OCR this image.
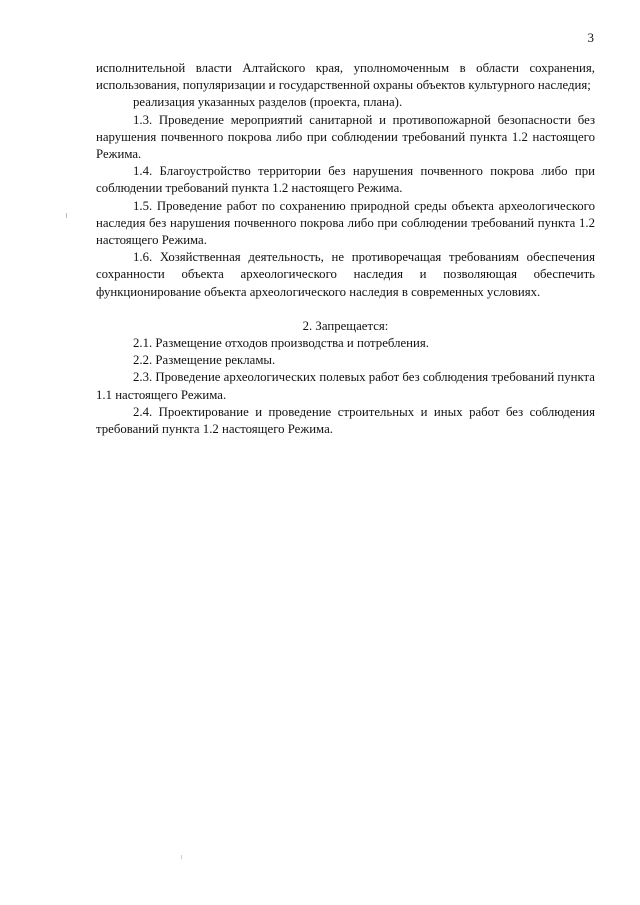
3

исполнительной власти Алтайского края, уполномоченным в области сохранения, использования, популяризации и государственной охраны объектов культурного наследия;

реализация указанных разделов (проекта, плана).

1.3. Проведение мероприятий санитарной и противопожарной безопасности без нарушения почвенного покрова либо при соблюдении требований пункта 1.2 настоящего Режима.

1.4. Благоустройство территории без нарушения почвенного покрова либо при соблюдении требований пункта 1.2 настоящего Режима.

1.5. Проведение работ по сохранению природной среды объекта археологического наследия без нарушения почвенного покрова либо при соблюдении требований пункта 1.2 настоящего Режима.

1.6. Хозяйственная деятельность, не противоречащая требованиям обеспечения сохранности объекта археологического наследия и позволяющая обеспечить функционирование объекта археологического наследия в современных условиях.

2. Запрещается:

2.1. Размещение отходов производства и потребления.

2.2. Размещение рекламы.

2.3. Проведение археологических полевых работ без соблюдения требований пункта 1.1 настоящего Режима.

2.4. Проектирование и проведение строительных и иных работ без соблюдения требований пункта 1.2 настоящего Режима.
